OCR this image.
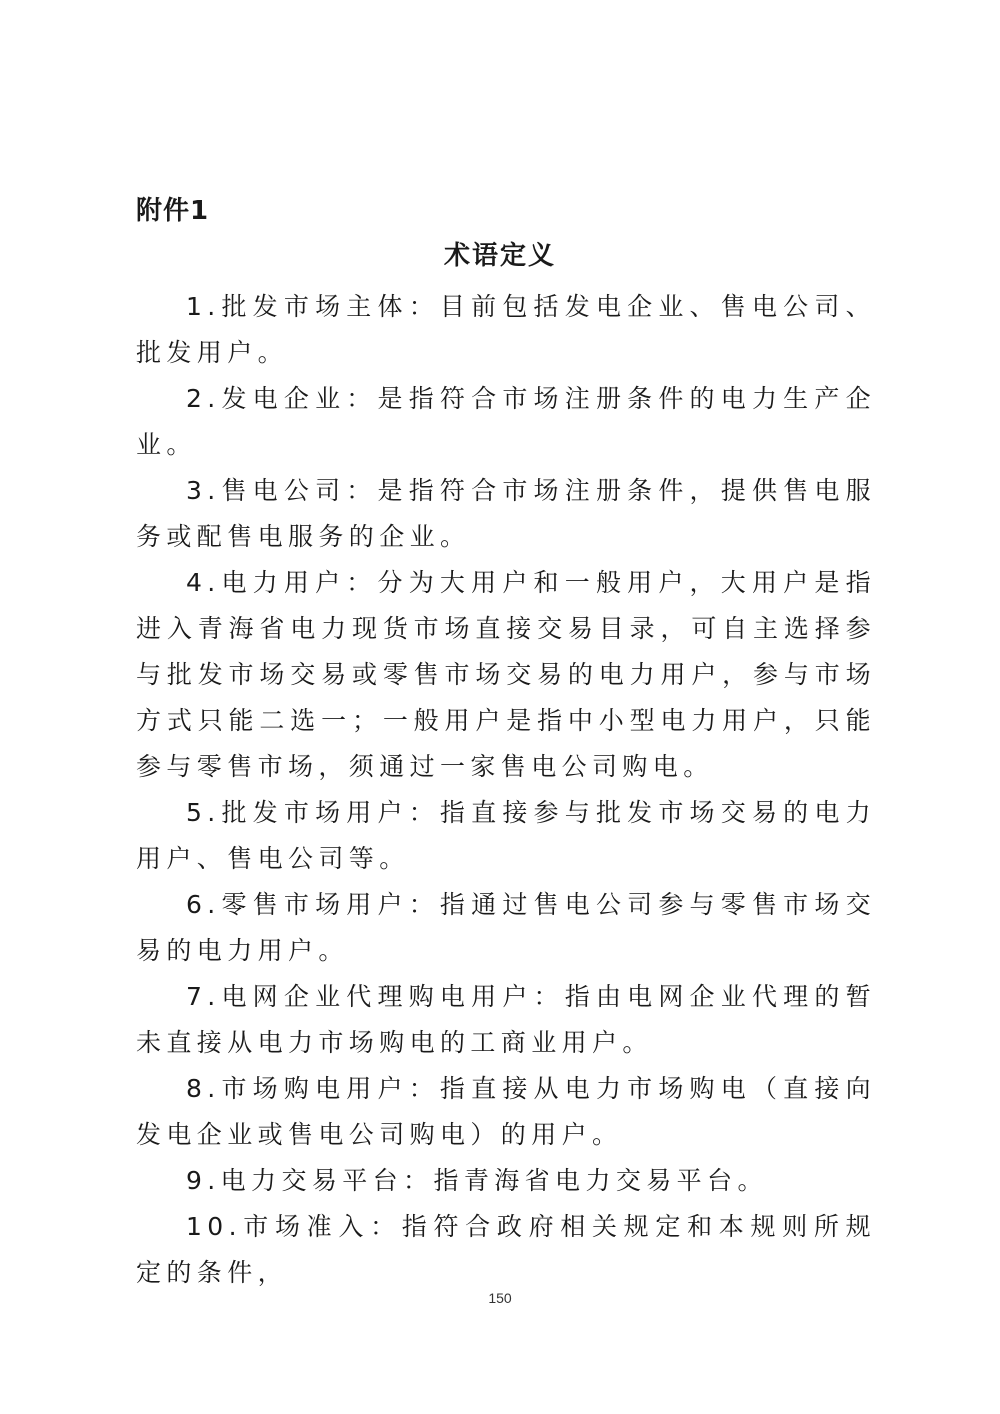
附件1
术语定义

1.批发市场主体：目前包括发电企业、售电公司、批发用户。

2.发电企业：是指符合市场注册条件的电力生产企业。

3.售电公司：是指符合市场注册条件，提供售电服务或配售电服务的企业。

4.电力用户：分为大用户和一般用户，大用户是指进入青海省电力现货市场直接交易目录，可自主选择参与批发市场交易或零售市场交易的电力用户，参与市场方式只能二选一；一般用户是指中小型电力用户，只能参与零售市场，须通过一家售电公司购电。

5.批发市场用户：指直接参与批发市场交易的电力用户、售电公司等。

6.零售市场用户：指通过售电公司参与零售市场交易的电力用户。

7.电网企业代理购电用户：指由电网企业代理的暂未直接从电力市场购电的工商业用户。

8.市场购电用户：指直接从电力市场购电（直接向发电企业或售电公司购电）的用户。

9.电力交易平台：指青海省电力交易平台。

10.市场准入：指符合政府相关规定和本规则所规定的条件，

150
